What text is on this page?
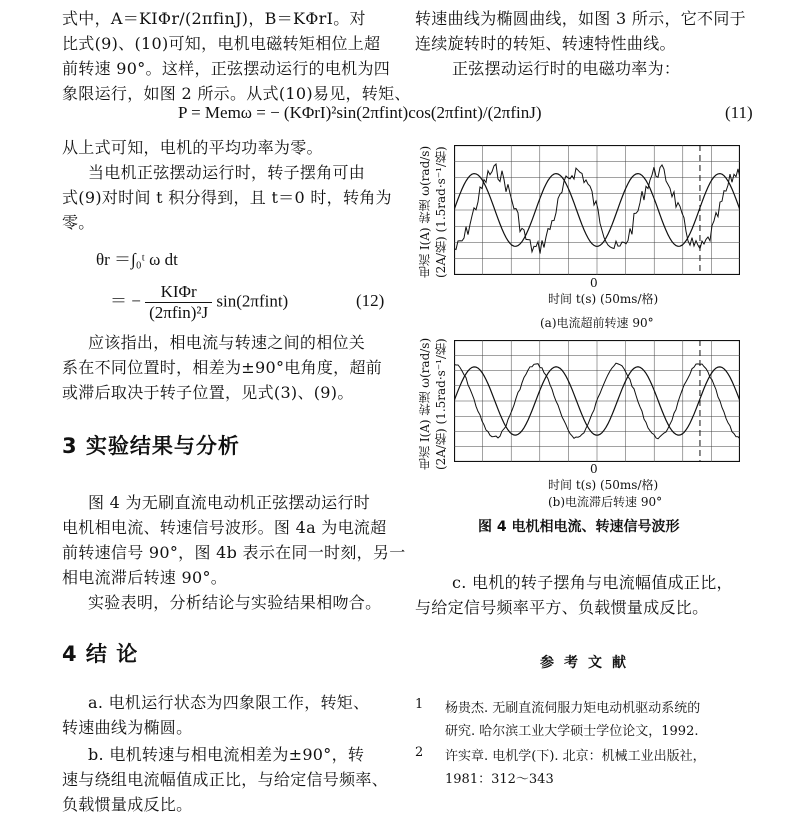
式中，A＝KIΦr/(2πfinJ)，B＝KΦrI。对
比式(9)、(10)可知，电机电磁转矩相位上超
前转速 90°。这样，正弦摆动运行的电机为四
象限运行，如图 2 所示。从式(10)易见，转矩、
转速曲线为椭圆曲线，如图 3 所示，它不同于
连续旋转时的转矩、转速特性曲线。
正弦摆动运行时的电磁功率为：
P = Memω = − (KΦrI)²sin(2πfint)cos(2πfint)/(2πfinJ)	(11)
从上式可知，电机的平均功率为零。
当电机正弦摆动运行时，转子摆角可由
式(9)对时间 t 积分得到，且 t＝0 时，转角为
零。
θr ＝∫₀ᵗ ω dt
＝ − $\frac{\text{KIΦr}}{\text{(2πfin)²J}}$ sin(2πfint)	(12)
应该指出，相电流与转速之间的相位关
系在不同位置时，相差为±90°电角度，超前
或滞后取决于转子位置，见式(3)、(9)。
3 实验结果与分析
图 4 为无刷直流电动机正弦摆动运行时
电机相电流、转速信号波形。图 4a 为电流超
前转速信号 90°，图 4b 表示在同一时刻，另一
相电流滞后转速 90°。
实验表明，分析结论与实验结果相吻合。
4 结 论
a. 电机运行状态为四象限工作，转矩、
转速曲线为椭圆。
b. 电机转速与相电流相差为±90°，转
速与绕组电流幅值成正比，与给定信号频率、
负载惯量成反比。
电流 I(A) 转速 ω(rad/s) (2A/格) (1.5rad·s⁻¹/格)
0
时间 t(s) (50ms/格)
(a)电流超前转速 90°
电流 I(A) 转速 ω(rad/s) (2A/格) (1.5rad·s⁻¹/格)	0
时间 t(s) (50ms/格)
(b)电流滞后转速 90°
图 4 电机相电流、转速信号波形
c. 电机的转子摆角与电流幅值成正比，
与给定信号频率平方、负载惯量成反比。
参考文献
1 杨贵杰. 无刷直流伺服力矩电动机驱动系统的
研究. 哈尔滨工业大学硕士学位论文，1992.
2 许实章. 电机学(下). 北京：机械工业出版社，
1981：312～343
